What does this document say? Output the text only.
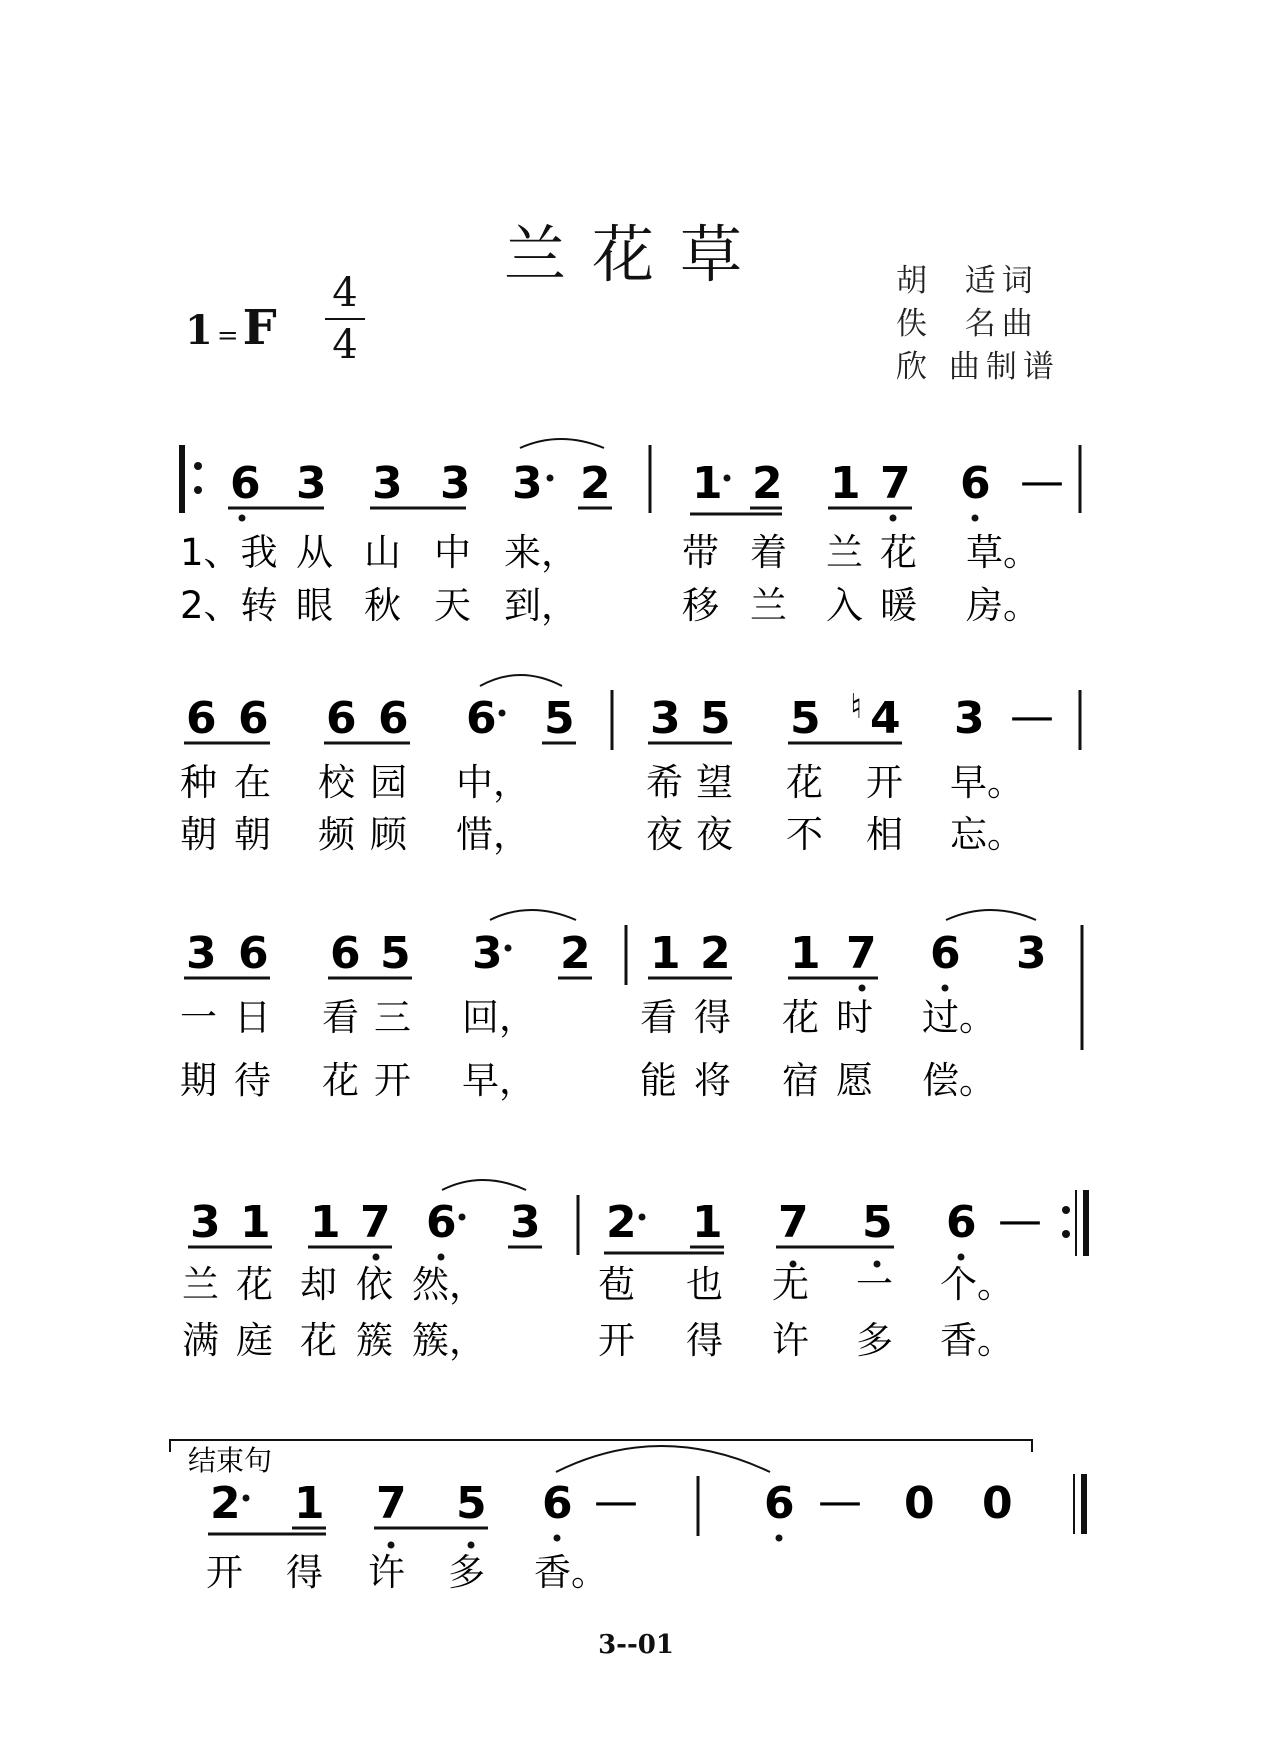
兰花草	胡  适词
佚  名曲
欣 曲制谱
1 =F
4
4
6 3 3 3 3 2 1 2 1 7 6 —
1、我 从 山 中 来，	带 着 兰 花 草。
2、转 眼 秋 天 到，	移 兰 入 暖 房。
6 6 6 6 6 5 3 5 5 ♮ 4 3 —
种 在 校 园 中，	希 望 花 开 早。
朝 朝 频 顾 惜，	夜 夜 不 相 忘。
3 6 6 5 3 2 1 2 1 7 6 3
一 日 看 三 回，	看 得 花 时 过。
期 待 花 开 早，	能 将 宿 愿 偿。
3 1 1 7 6 3 2 1 7 5 6 —
兰 花 却 依 然，	苞 也 无 一 个。
满 庭 花 簇 簇，	开 得 许 多 香。
结束句
2 1 7 5 6 —	6 — 0 0
开 得 许 多 香。
3--01
